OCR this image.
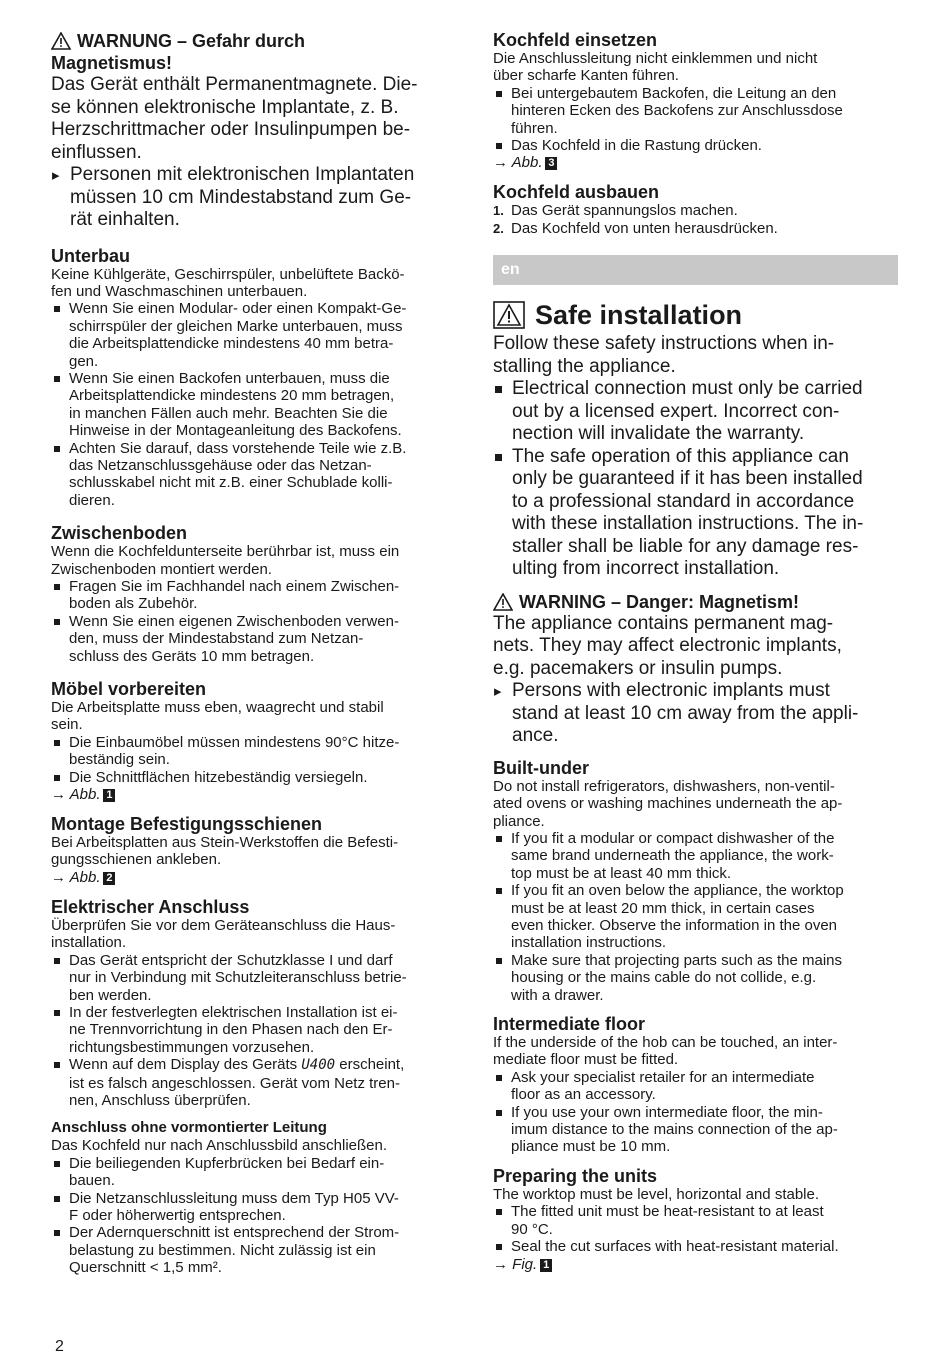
WARNUNG – Gefahr durch
Magnetismus!
Das Gerät enthält Permanentmagnete. Die-
se können elektronische Implantate, z. B.
Herzschrittmacher oder Insulinpumpen be-
einflussen.
▸ Personen mit elektronischen Implantaten
müssen 10 cm Mindestabstand zum Ge-
rät einhalten.
Unterbau
Keine Kühlgeräte, Geschirrspüler, unbelüftete Backö-
fen und Waschmaschinen unterbauen.
Wenn Sie einen Modular- oder einen Kompakt-Ge-
schirrspüler der gleichen Marke unterbauen, muss
die Arbeitsplattendicke mindestens 40 mm betra-
gen.
Wenn Sie einen Backofen unterbauen, muss die
Arbeitsplattendicke mindestens 20 mm betragen,
in manchen Fällen auch mehr. Beachten Sie die
Hinweise in der Montageanleitung des Backofens.
Achten Sie darauf, dass vorstehende Teile wie z.B.
das Netzanschlussgehäuse oder das Netzan-
schlusskabel nicht mit z.B. einer Schublade kolli-
dieren.
Zwischenboden
Wenn die Kochfeldunterseite berührbar ist, muss ein
Zwischenboden montiert werden.
Fragen Sie im Fachhandel nach einem Zwischen-
boden als Zubehör.
Wenn Sie einen eigenen Zwischenboden verwen-
den, muss der Mindestabstand zum Netzan-
schluss des Geräts 10 mm betragen.
Möbel vorbereiten
Die Arbeitsplatte muss eben, waagrecht und stabil
sein.
Die Einbaumöbel müssen mindestens 90°C hitze-
beständig sein.
Die Schnittflächen hitzebeständig versiegeln.
→ Abb. 1
Montage Befestigungsschienen
Bei Arbeitsplatten aus Stein-Werkstoffen die Befesti-
gungsschienen ankleben.
→ Abb. 2
Elektrischer Anschluss
Überprüfen Sie vor dem Geräteanschluss die Haus-
installation.
Das Gerät entspricht der Schutzklasse I und darf
nur in Verbindung mit Schutzleiteranschluss betrie-
ben werden.
In der festverlegten elektrischen Installation ist ei-
ne Trennvorrichtung in den Phasen nach den Er-
richtungsbestimmungen vorzusehen.
Wenn auf dem Display des Geräts U400 erscheint,
ist es falsch angeschlossen. Gerät vom Netz tren-
nen, Anschluss überprüfen.
Anschluss ohne vormontierter Leitung
Das Kochfeld nur nach Anschlussbild anschließen.
Die beiliegenden Kupferbrücken bei Bedarf ein-
bauen.
Die Netzanschlussleitung muss dem Typ H05 VV-
F oder höherwertig entsprechen.
Der Adernquerschnitt ist entsprechend der Strom-
belastung zu bestimmen. Nicht zulässig ist ein
Querschnitt < 1,5 mm².
Kochfeld einsetzen
Die Anschlussleitung nicht einklemmen und nicht
über scharfe Kanten führen.
Bei untergebautem Backofen, die Leitung an den
hinteren Ecken des Backofens zur Anschlussdose
führen.
Das Kochfeld in die Rastung drücken.
→ Abb. 3
Kochfeld ausbauen
1. Das Gerät spannungslos machen.
2. Das Kochfeld von unten herausdrücken.
en
Safe installation
Follow these safety instructions when in-
stalling the appliance.
Electrical connection must only be carried
out by a licensed expert. Incorrect con-
nection will invalidate the warranty.
The safe operation of this appliance can
only be guaranteed if it has been installed
to a professional standard in accordance
with these installation instructions. The in-
staller shall be liable for any damage res-
ulting from incorrect installation.
WARNING – Danger: Magnetism!
The appliance contains permanent mag-
nets. They may affect electronic implants,
e.g. pacemakers or insulin pumps.
▸ Persons with electronic implants must
stand at least 10 cm away from the appli-
ance.
Built-under
Do not install refrigerators, dishwashers, non-ventil-
ated ovens or washing machines underneath the ap-
pliance.
If you fit a modular or compact dishwasher of the
same brand underneath the appliance, the work-
top must be at least 40 mm thick.
If you fit an oven below the appliance, the worktop
must be at least 20 mm thick, in certain cases
even thicker. Observe the information in the oven
installation instructions.
Make sure that projecting parts such as the mains
housing or the mains cable do not collide, e.g.
with a drawer.
Intermediate floor
If the underside of the hob can be touched, an inter-
mediate floor must be fitted.
Ask your specialist retailer for an intermediate
floor as an accessory.
If you use your own intermediate floor, the min-
imum distance to the mains connection of the ap-
pliance must be 10 mm.
Preparing the units
The worktop must be level, horizontal and stable.
The fitted unit must be heat-resistant to at least
90 °C.
Seal the cut surfaces with heat-resistant material.
→ Fig. 1
2
